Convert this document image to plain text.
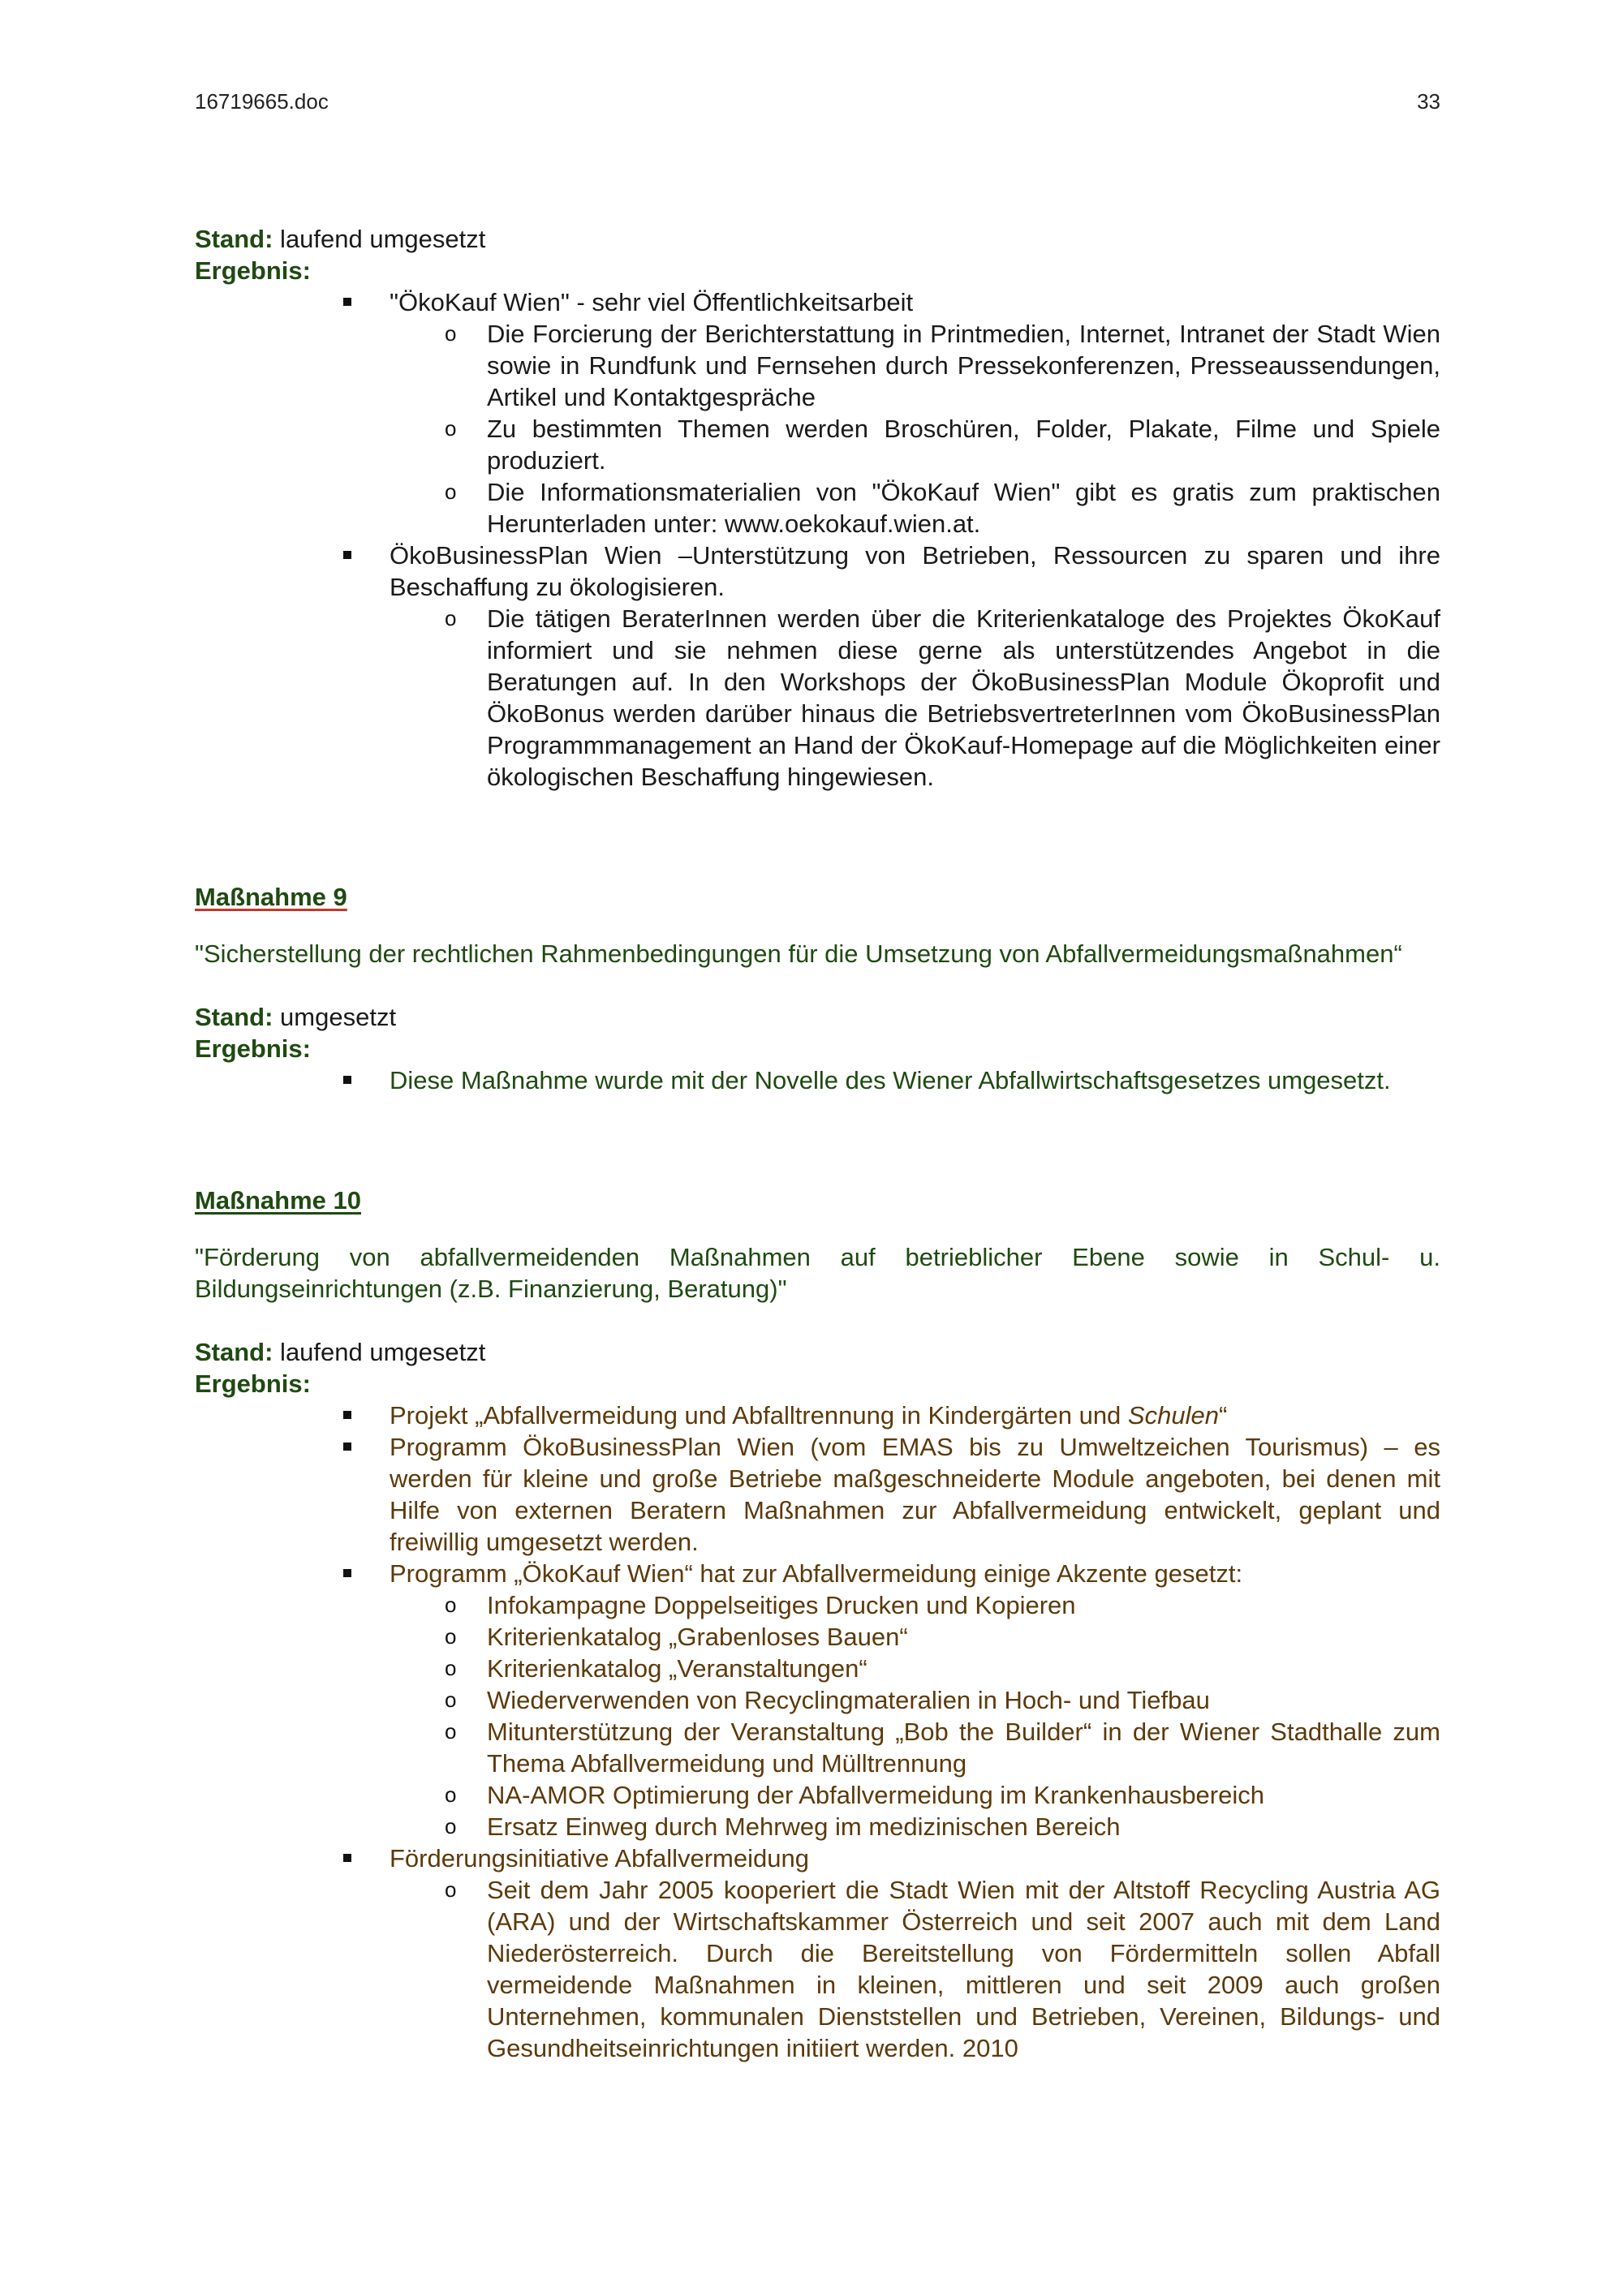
16719665.doc	33

Stand: laufend umgesetzt

Ergebnis:

"ÖkoKauf Wien" - sehr viel Öffentlichkeitsarbeit
o Die Forcierung der Berichterstattung in Printmedien, Internet, Intranet der Stadt Wien sowie in Rundfunk und Fernsehen durch Pressekonferenzen, Presseaussendungen, Artikel und Kontaktgespräche
o Zu bestimmten Themen werden Broschüren, Folder, Plakate, Filme und Spiele produziert.
o Die Informationsmaterialien von "ÖkoKauf Wien" gibt es gratis zum praktischen Herunterladen unter: www.oekokauf.wien.at.
ÖkoBusinessPlan Wien –Unterstützung von Betrieben, Ressourcen zu sparen und ihre Beschaffung zu ökologisieren.
o Die tätigen BeraterInnen werden über die Kriterienkataloge des Projektes ÖkoKauf informiert und sie nehmen diese gerne als unterstützendes Angebot in die Beratungen auf. In den Workshops der ÖkoBusinessPlan Module Ökoprofit und ÖkoBonus werden darüber hinaus die BetriebsvertreterInnen vom ÖkoBusinessPlan Programmmanagement an Hand der ÖkoKauf-Homepage auf die Möglichkeiten einer ökologischen Beschaffung hingewiesen.

Maßnahme 9

"Sicherstellung der rechtlichen Rahmenbedingungen für die Umsetzung von Abfallvermeidungsmaßnahmen“

Stand: umgesetzt

Ergebnis:

Diese Maßnahme wurde mit der Novelle des Wiener Abfallwirtschaftsgesetzes umgesetzt.

Maßnahme 10

"Förderung von abfallvermeidenden Maßnahmen auf betrieblicher Ebene sowie in Schul- u. Bildungseinrichtungen (z.B. Finanzierung, Beratung)"

Stand: laufend umgesetzt

Ergebnis:

Projekt „Abfallvermeidung und Abfalltrennung in Kindergärten und Schulen“
Programm ÖkoBusinessPlan Wien (vom EMAS bis zu Umweltzeichen Tourismus) – es werden für kleine und große Betriebe maßgeschneiderte Module angeboten, bei denen mit Hilfe von externen Beratern Maßnahmen zur Abfallvermeidung entwickelt, geplant und freiwillig umgesetzt werden.
Programm „ÖkoKauf Wien“ hat zur Abfallvermeidung einige Akzente gesetzt:
o Infokampagne Doppelseitiges Drucken und Kopieren
o Kriterienkatalog „Grabenloses Bauen“
o Kriterienkatalog „Veranstaltungen“
o Wiederverwenden von Recyclingmateralien in Hoch- und Tiefbau
o Mitunterstützung der Veranstaltung „Bob the Builder“ in der Wiener Stadthalle zum Thema Abfallvermeidung und Mülltrennung
o NA-AMOR Optimierung der Abfallvermeidung im Krankenhausbereich
o Ersatz Einweg durch Mehrweg im medizinischen Bereich
Förderungsinitiative Abfallvermeidung
o Seit dem Jahr 2005 kooperiert die Stadt Wien mit der Altstoff Recycling Austria AG (ARA) und der Wirtschaftskammer Österreich und seit 2007 auch mit dem Land Niederösterreich. Durch die Bereitstellung von Fördermitteln sollen Abfall vermeidende Maßnahmen in kleinen, mittleren und seit 2009 auch großen Unternehmen, kommunalen Dienststellen und Betrieben, Vereinen, Bildungs- und Gesundheitseinrichtungen initiiert werden. 2010
